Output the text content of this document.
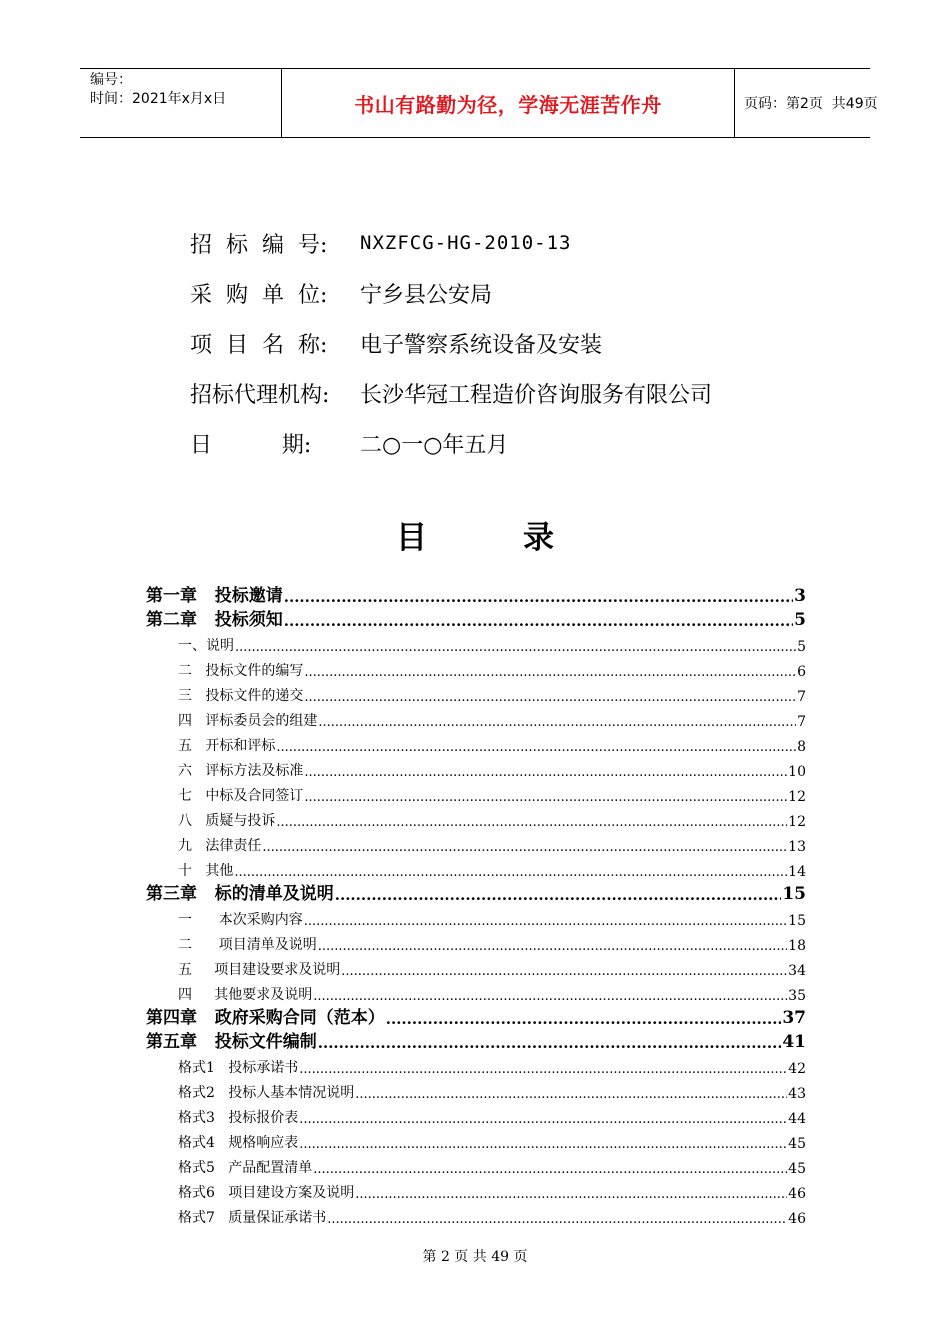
编号：
时间：2021年x月x日	书山有路勤为径，学海无涯苦作舟	页码：第2页  共49页
招  标  编  号:	NXZFCG-HG-2010-13
采  购  单  位:	宁乡县公安局
项  目  名  称:	电子警察系统设备及安装
招标代理机构:	长沙华冠工程造价咨询服务有限公司
日          期:	二○一○年五月
目	录
第一章   投标邀请 .....	3
第二章   投标须知 .....	5
一、说明 .....	5
二   投标文件的编写 .....	6
三   投标文件的递交 .....	7
四   评标委员会的组建 .....	7
五   开标和评标 .....	8
六   评标方法及标准 .....	10
七   中标及合同签订 .....	12
八   质疑与投诉 .....	12
九   法律责任 .....	13
十   其他 .....	14
第三章   标的清单及说明 .....	15
一      本次采购内容 .....	15
二      项目清单及说明 .....	18
五     项目建设要求及说明 .....	34
四     其他要求及说明 .....	35
第四章   政府采购合同（范本） .....	37
第五章   投标文件编制 .....	41
格式1   投标承诺书 .....	42
格式2   投标人基本情况说明 .....	43
格式3   投标报价表 .....	44
格式4   规格响应表 .....	45
格式5   产品配置清单 .....	45
格式6   项目建设方案及说明 .....	46
格式7   质量保证承诺书 .....	46
第 2 页 共 49 页
